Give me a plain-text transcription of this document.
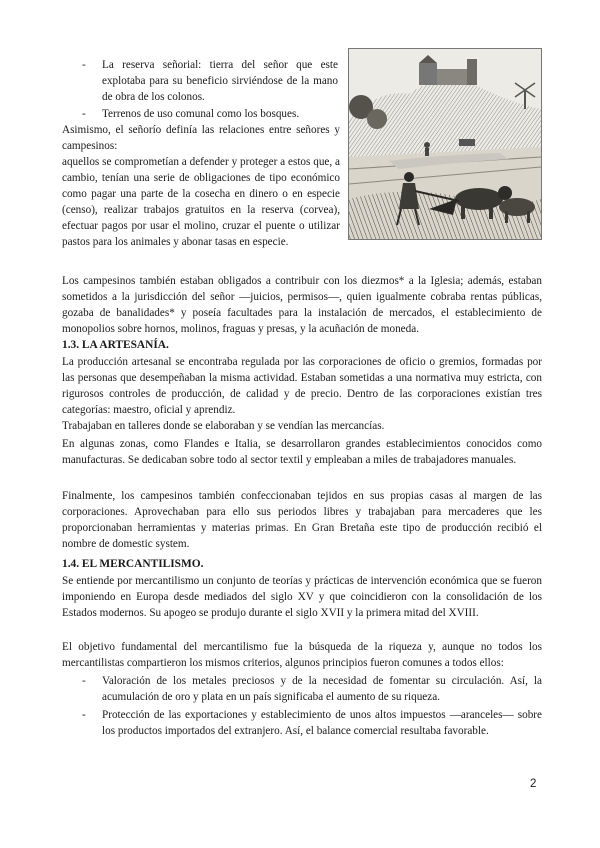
- La reserva señorial: tierra del señor que este explotaba para su beneficio sirviéndose de la mano de obra de los colonos.
- Terrenos de uso comunal como los bosques.
Asimismo, el señorío definía las relaciones entre señores y campesinos:
aquellos se comprometían a defender y proteger a estos que, a cambio, tenían una serie de obligaciones de tipo económico como pagar una parte de la cosecha en dinero o en especie (censo), realizar trabajos gratuitos en la reserva (corvea), efectuar pagos por usar el molino, cruzar el puente o utilizar pastos para los animales y abonar tasas en especie.
Los campesinos también estaban obligados a contribuir con los diezmos* a la Iglesia; además, estaban sometidos a la jurisdicción del señor —juicios, permisos—, quien igualmente cobraba rentas públicas, gozaba de banalidades* y poseía facultades para la instalación de mercados, el establecimiento de monopolios sobre hornos, molinos, fraguas y presas, y la acuñación de moneda.
1.3. LA ARTESANÍA.
La producción artesanal se encontraba regulada por las corporaciones de oficio o gremios, formadas por las personas que desempeñaban la misma actividad. Estaban sometidas a una normativa muy estricta, con rigurosos controles de producción, de calidad y de precio. Dentro de las corporaciones existían tres categorías: maestro, oficial y aprendiz.
Trabajaban en talleres donde se elaboraban y se vendían las mercancías.
En algunas zonas, como Flandes e Italia, se desarrollaron grandes establecimientos conocidos como manufacturas. Se dedicaban sobre todo al sector textil y empleaban a miles de trabajadores manuales.
Finalmente, los campesinos también confeccionaban tejidos en sus propias casas al margen de las corporaciones. Aprovechaban para ello sus periodos libres y trabajaban para mercaderes que les proporcionaban herramientas y materias primas. En Gran Bretaña este tipo de producción recibió el nombre de domestic system.
1.4. EL MERCANTILISMO.
Se entiende por mercantilismo un conjunto de teorías y prácticas de intervención económica que se fueron imponiendo en Europa desde mediados del siglo XV y que coincidieron con la consolidación de los Estados modernos. Su apogeo se produjo durante el siglo XVII y la primera mitad del XVIII.
El objetivo fundamental del mercantilismo fue la búsqueda de la riqueza y, aunque no todos los mercantilistas compartieron los mismos criterios, algunos principios fueron comunes a todos ellos:
- Valoración de los metales preciosos y de la necesidad de fomentar su circulación. Así, la acumulación de oro y plata en un país significaba el aumento de su riqueza.
- Protección de las exportaciones y establecimiento de unos altos impuestos —aranceles— sobre los productos importados del extranjero. Así, el balance comercial resultaba favorable.
2
